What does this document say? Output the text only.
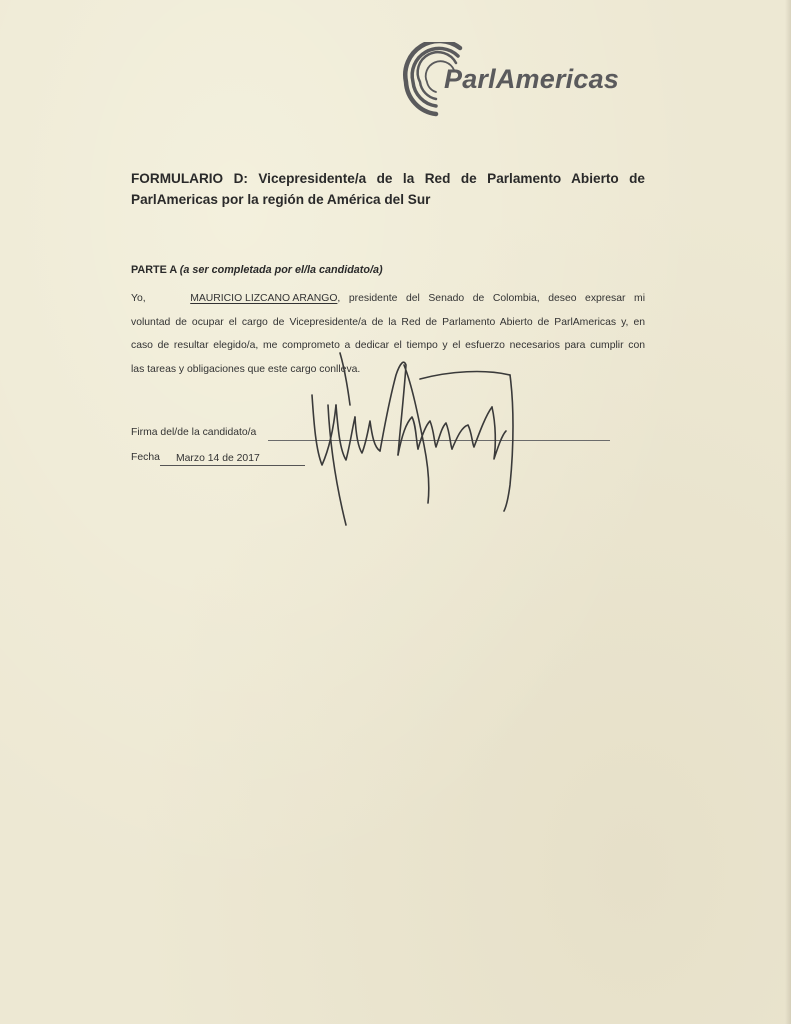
ParlAmericas

FORMULARIO D: Vicepresidente/a de la Red de Parlamento Abierto de ParlAmericas por la región de América del Sur

PARTE A (a ser completada por el/la candidato/a)
Yo,	MAURICIO LIZCANO ARANGO, presidente del Senado de Colombia, deseo expresar mi
voluntad de ocupar el cargo de Vicepresidente/a de la Red de Parlamento Abierto de ParlAmericas y, en
caso de resultar elegido/a, me comprometo a dedicar el tiempo y el esfuerzo necesarios para cumplir con
las tareas y obligaciones que este cargo conlleva.
Firma del/de la candidato/a
Fecha	Marzo 14 de 2017
